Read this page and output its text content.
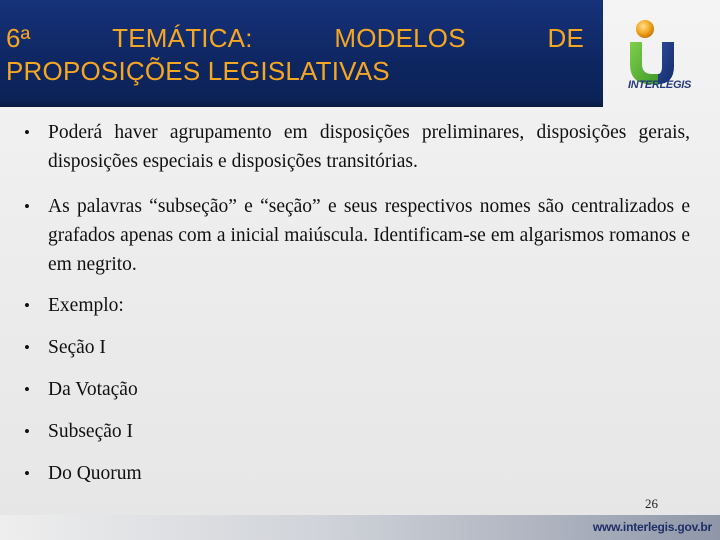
6ª	TEMÁTICA:	MODELOS	DE
PROPOSIÇÕES LEGISLATIVAS	INTERLEGIS
• Poderá haver agrupamento em disposições preliminares, disposições gerais, disposições especiais e disposições transitórias.
• As palavras “subseção” e “seção” e seus respectivos nomes são centralizados e grafados apenas com a inicial maiúscula. Identificam-se em algarismos romanos e em negrito.
• Exemplo:
• Seção I
• Da Votação
• Subseção I
• Do Quorum
26
www.interlegis.gov.br
